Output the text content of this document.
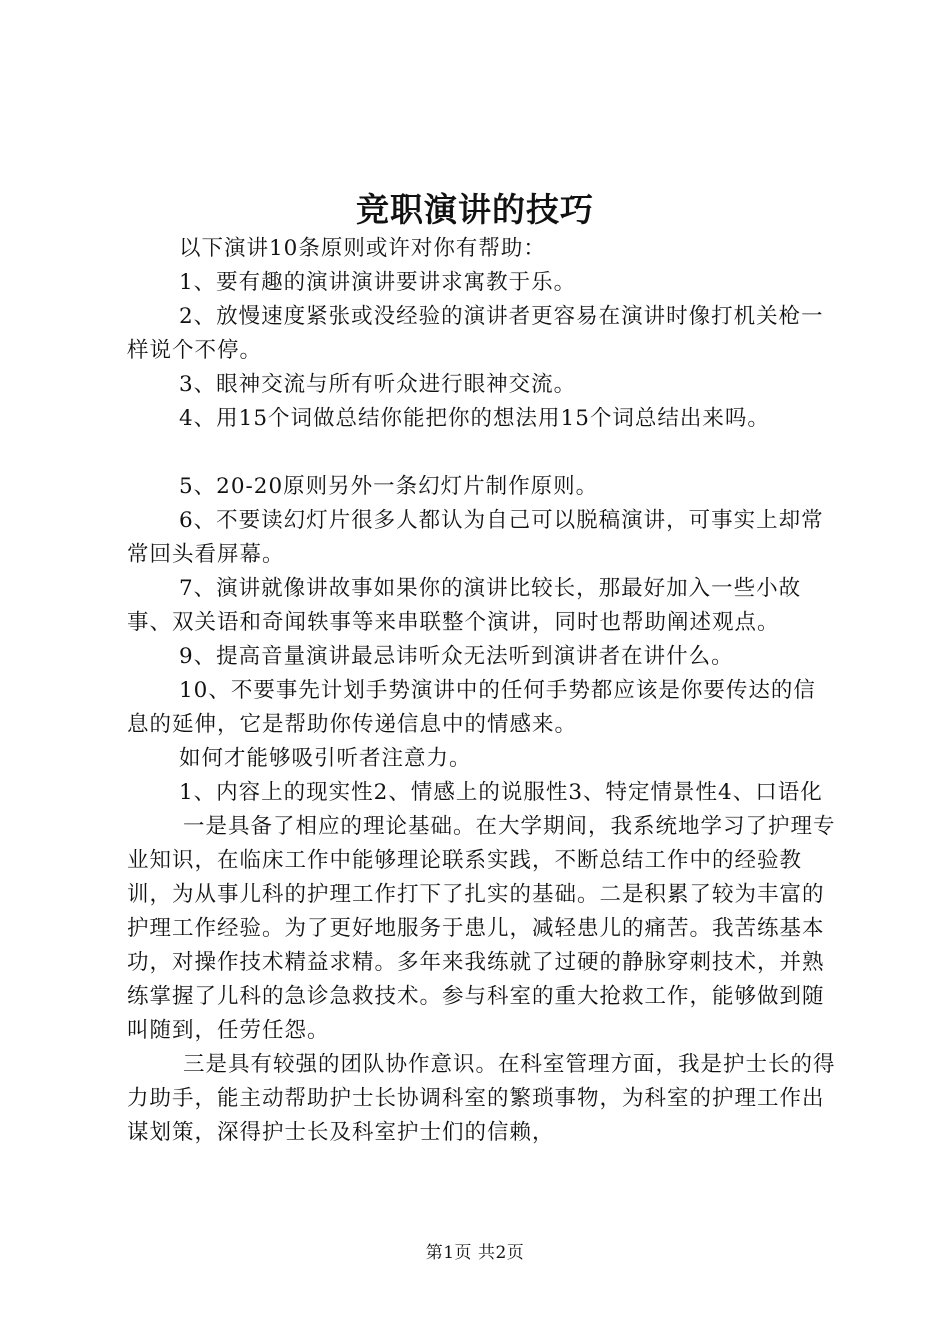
竞职演讲的技巧

以下演讲10条原则或许对你有帮助：

1、要有趣的演讲演讲要讲求寓教于乐。

2、放慢速度紧张或没经验的演讲者更容易在演讲时像打机关枪一样说个不停。

3、眼神交流与所有听众进行眼神交流。

4、用15个词做总结你能把你的想法用15个词总结出来吗。

5、20-20原则另外一条幻灯片制作原则。

6、不要读幻灯片很多人都认为自己可以脱稿演讲，可事实上却常常回头看屏幕。

7、演讲就像讲故事如果你的演讲比较长，那最好加入一些小故事、双关语和奇闻轶事等来串联整个演讲，同时也帮助阐述观点。

9、提高音量演讲最忌讳听众无法听到演讲者在讲什么。

10、不要事先计划手势演讲中的任何手势都应该是你要传达的信息的延伸，它是帮助你传递信息中的情感来。

如何才能够吸引听者注意力。

1、内容上的现实性2、情感上的说服性3、特定情景性4、口语化

一是具备了相应的理论基础。在大学期间，我系统地学习了护理专业知识，在临床工作中能够理论联系实践，不断总结工作中的经验教训，为从事儿科的护理工作打下了扎实的基础。二是积累了较为丰富的护理工作经验。为了更好地服务于患儿，减轻患儿的痛苦。我苦练基本功，对操作技术精益求精。多年来我练就了过硬的静脉穿刺技术，并熟练掌握了儿科的急诊急救技术。参与科室的重大抢救工作，能够做到随叫随到，任劳任怨。

三是具有较强的团队协作意识。在科室管理方面，我是护士长的得力助手，能主动帮助护士长协调科室的繁琐事物，为科室的护理工作出谋划策，深得护士长及科室护士们的信赖，

第1页 共2页
